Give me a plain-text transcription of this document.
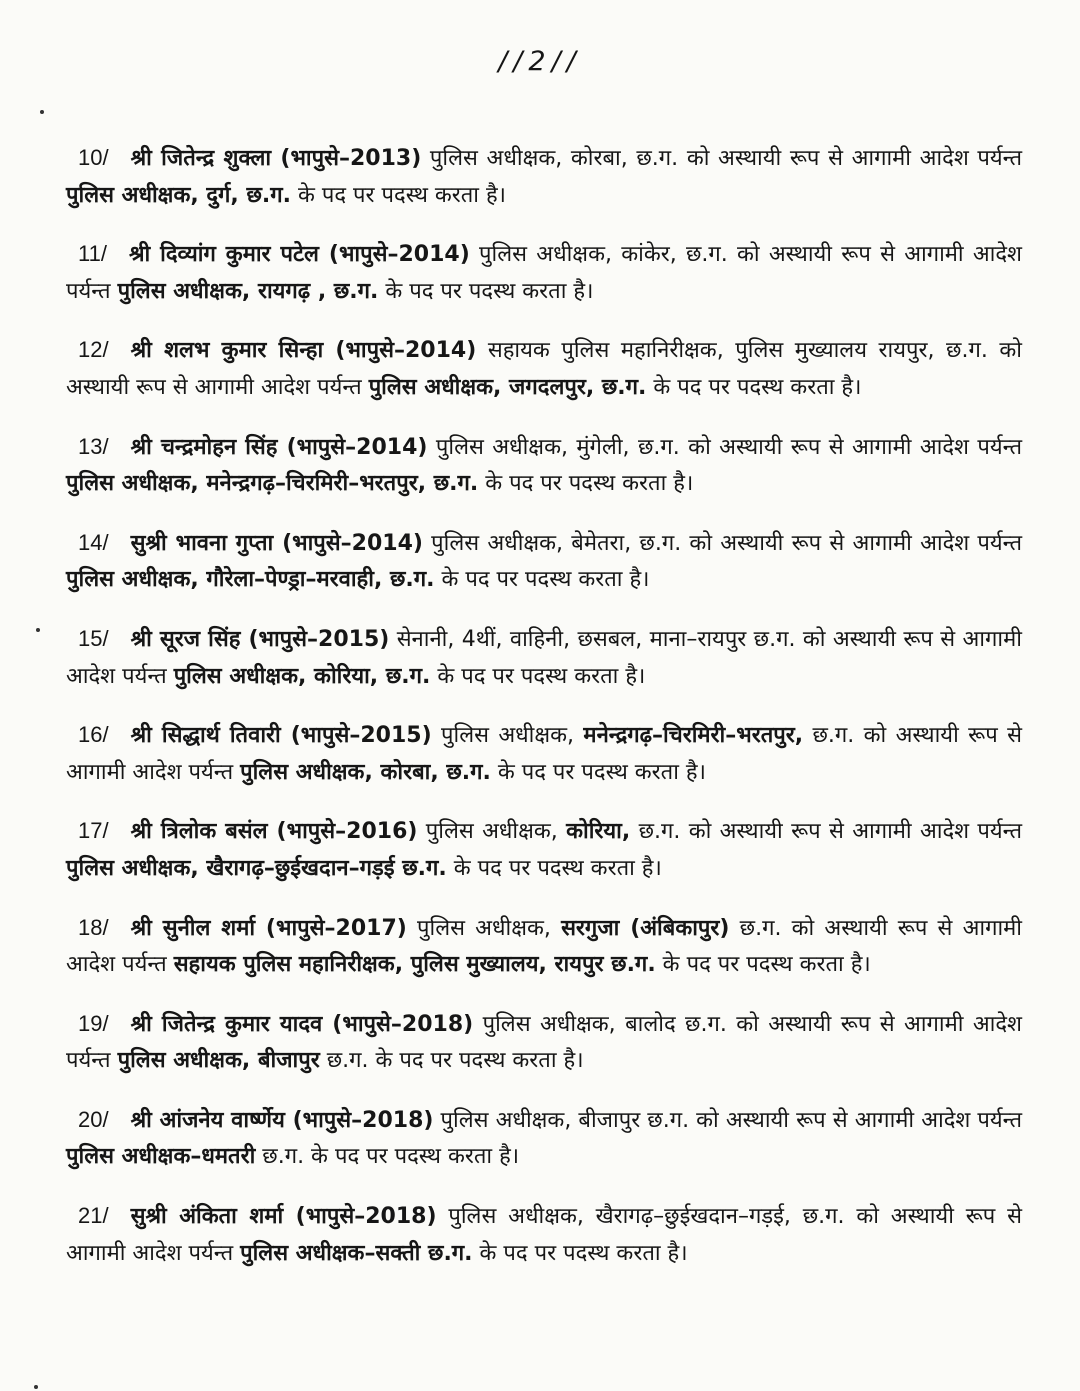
//2//

10/ श्री जितेन्द्र शुक्ला (भापुसे–2013) पुलिस अधीक्षक, कोरबा, छ.ग. को अस्थायी रूप से आगामी आदेश पर्यन्त पुलिस अधीक्षक, दुर्ग, छ.ग. के पद पर पदस्थ करता है।

11/ श्री दिव्यांग कुमार पटेल (भापुसे–2014) पुलिस अधीक्षक, कांकेर, छ.ग. को अस्थायी रूप से आगामी आदेश पर्यन्त पुलिस अधीक्षक, रायगढ़ , छ.ग. के पद पर पदस्थ करता है।

12/ श्री शलभ कुमार सिन्हा (भापुसे–2014) सहायक पुलिस महानिरीक्षक, पुलिस मुख्यालय रायपुर, छ.ग. को अस्थायी रूप से आगामी आदेश पर्यन्त पुलिस अधीक्षक, जगदलपुर, छ.ग. के पद पर पदस्थ करता है।

13/ श्री चन्द्रमोहन सिंह (भापुसे–2014) पुलिस अधीक्षक, मुंगेली, छ.ग. को अस्थायी रूप से आगामी आदेश पर्यन्त पुलिस अधीक्षक, मनेन्द्रगढ़–चिरमिरी–भरतपुर, छ.ग. के पद पर पदस्थ करता है।

14/ सुश्री भावना गुप्ता (भापुसे–2014) पुलिस अधीक्षक, बेमेतरा, छ.ग. को अस्थायी रूप से आगामी आदेश पर्यन्त पुलिस अधीक्षक, गौरेला–पेण्ड्रा–मरवाही, छ.ग. के पद पर पदस्थ करता है।

15/ श्री सूरज सिंह (भापुसे–2015) सेनानी, 4थीं, वाहिनी, छसबल, माना–रायपुर छ.ग. को अस्थायी रूप से आगामी आदेश पर्यन्त पुलिस अधीक्षक, कोरिया, छ.ग. के पद पर पदस्थ करता है।

16/ श्री सिद्धार्थ तिवारी (भापुसे–2015) पुलिस अधीक्षक, मनेन्द्रगढ़–चिरमिरी–भरतपुर, छ.ग. को अस्थायी रूप से आगामी आदेश पर्यन्त पुलिस अधीक्षक, कोरबा, छ.ग. के पद पर पदस्थ करता है।

17/ श्री त्रिलोक बसंल (भापुसे–2016) पुलिस अधीक्षक, कोरिया, छ.ग. को अस्थायी रूप से आगामी आदेश पर्यन्त पुलिस अधीक्षक, खैरागढ़–छुईखदान–गड़ई छ.ग. के पद पर पदस्थ करता है।

18/ श्री सुनील शर्मा (भापुसे–2017) पुलिस अधीक्षक, सरगुजा (अंबिकापुर) छ.ग. को अस्थायी रूप से आगामी आदेश पर्यन्त सहायक पुलिस महानिरीक्षक, पुलिस मुख्यालय, रायपुर छ.ग. के पद पर पदस्थ करता है।

19/ श्री जितेन्द्र कुमार यादव (भापुसे–2018) पुलिस अधीक्षक, बालोद छ.ग. को अस्थायी रूप से आगामी आदेश पर्यन्त पुलिस अधीक्षक, बीजापुर छ.ग. के पद पर पदस्थ करता है।

20/ श्री आंजनेय वार्ष्णेय (भापुसे–2018) पुलिस अधीक्षक, बीजापुर छ.ग. को अस्थायी रूप से आगामी आदेश पर्यन्त पुलिस अधीक्षक–धमतरी छ.ग. के पद पर पदस्थ करता है।

21/ सुश्री अंकिता शर्मा (भापुसे–2018) पुलिस अधीक्षक, खैरागढ़–छुईखदान–गड़ई, छ.ग. को अस्थायी रूप से आगामी आदेश पर्यन्त पुलिस अधीक्षक–सक्ती छ.ग. के पद पर पदस्थ करता है।
